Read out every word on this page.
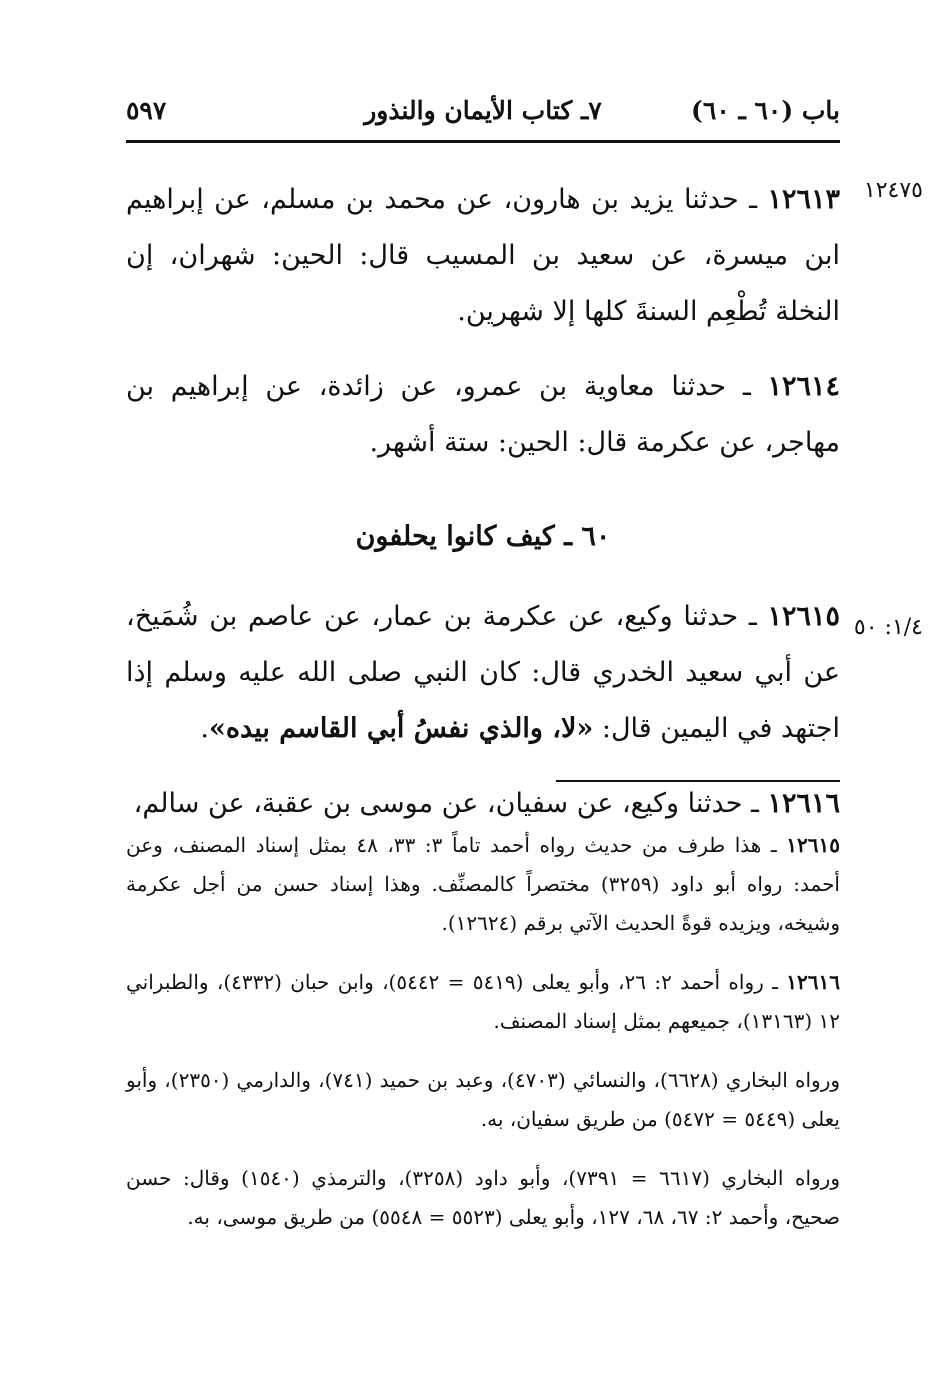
باب (٦٠ ـ ٦٠)
٧ـ كتاب الأيمان والنذور
٥٩٧
١٢٤٧٥
١/٤: ٥٠

١٢٦١٣ ـ حدثنا يزيد بن هارون، عن محمد بن مسلم، عن إبراهيم ابن ميسرة، عن سعيد بن المسيب قال: الحين: شهران، إن النخلة تُطْعِم السنةَ كلها إلا شهرين.

١٢٦١٤ ـ حدثنا معاوية بن عمرو، عن زائدة، عن إبراهيم بن مهاجر، عن عكرمة قال: الحين: ستة أشهر.

٦٠ ـ كيف كانوا يحلفون

١٢٦١٥ ـ حدثنا وكيع، عن عكرمة بن عمار، عن عاصم بن شُمَيخ، عن أبي سعيد الخدري قال: كان النبي صلى الله عليه وسلم إذا اجتهد في اليمين قال: «لا، والذي نفسُ أبي القاسم بيده».

١٢٦١٦ ـ حدثنا وكيع، عن سفيان، عن موسى بن عقبة، عن سالم،

١٢٦١٥ ـ هذا طرف من حديث رواه أحمد تاماً ٣: ٣٣، ٤٨ بمثل إسناد المصنف، وعن أحمد: رواه أبو داود (٣٢٥٩) مختصراً كالمصنِّف. وهذا إسناد حسن من أجل عكرمة وشيخه، ويزيده قوةً الحديث الآتي برقم (١٢٦٢٤).

١٢٦١٦ ـ رواه أحمد ٢: ٢٦، وأبو يعلى (٥٤١٩ = ٥٤٤٢)، وابن حبان (٤٣٣٢)، والطبراني ١٢ (١٣١٦٣)، جميعهم بمثل إسناد المصنف.

ورواه البخاري (٦٦٢٨)، والنسائي (٤٧٠٣)، وعبد بن حميد (٧٤١)، والدارمي (٢٣٥٠)، وأبو يعلى (٥٤٤٩ = ٥٤٧٢) من طريق سفيان، به.

ورواه البخاري (٦٦١٧ = ٧٣٩١)، وأبو داود (٣٢٥٨)، والترمذي (١٥٤٠) وقال: حسن صحيح، وأحمد ٢: ٦٧، ٦٨، ١٢٧، وأبو يعلى (٥٥٢٣ = ٥٥٤٨) من طريق موسى، به.
